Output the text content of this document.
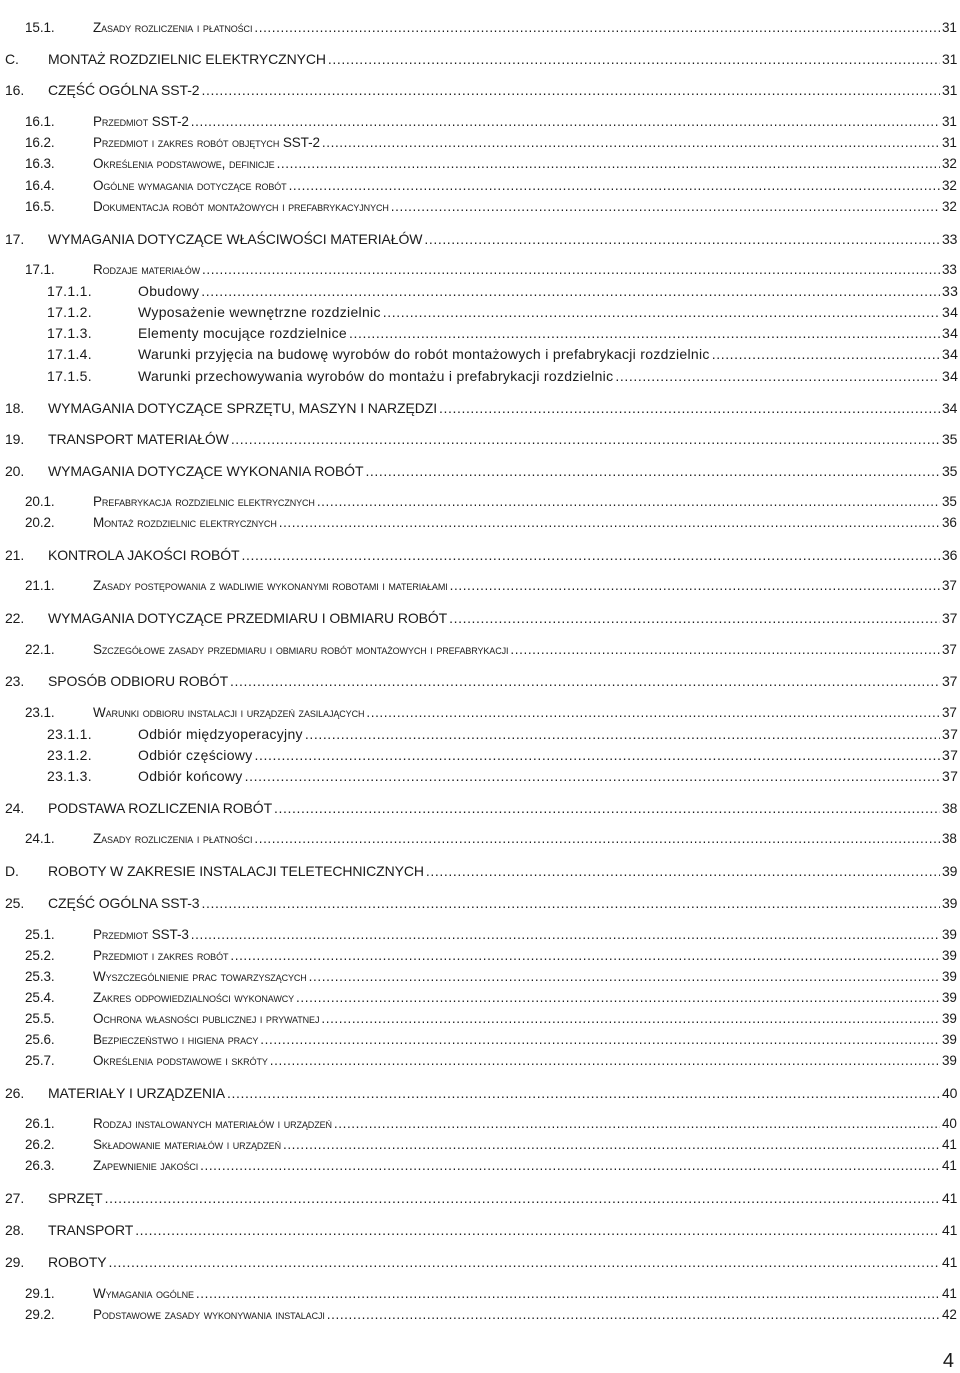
15.1.	Zasady rozliczenia i płatności .....	31
C. MONTAŻ ROZDZIELNIC ELEKTRYCZNYCH .....	31
16. CZĘŚĆ OGÓLNA SST-2 .....	31
16.1.	Przedmiot SST-2 .....	31
16.2.	Przedmiot i zakres robót objętych SST-2 .....	31
16.3.	Określenia podstawowe, definicje .....	32
16.4.	Ogólne wymagania dotyczące robót .....	32
16.5.	Dokumentacja robót montażowych i prefabrykacyjnych .....	32
17. WYMAGANIA DOTYCZĄCE WŁAŚCIWOŚCI MATERIAŁÓW .....	33
17.1.	Rodzaje materiałów .....	33
17.1.1.	Obudowy .....	33
17.1.2.	Wyposażenie wewnętrzne rozdzielnic .....	34
17.1.3.	Elementy mocujące rozdzielnice .....	34
17.1.4.	Warunki przyjęcia na budowę wyrobów do robót montażowych i prefabrykacji rozdzielnic .....	34
17.1.5.	Warunki przechowywania wyrobów do montażu i prefabrykacji rozdzielnic .....	34
18. WYMAGANIA DOTYCZĄCE SPRZĘTU, MASZYN I NARZĘDZI .....	34
19. TRANSPORT MATERIAŁÓW .....	35
20. WYMAGANIA DOTYCZĄCE WYKONANIA ROBÓT .....	35
20.1.	Prefabrykacja rozdzielnic elektrycznych .....	35
20.2.	Montaż rozdzielnic elektrycznych .....	36
21. KONTROLA JAKOŚCI ROBÓT .....	36
21.1.	Zasady postępowania z wadliwie wykonanymi robotami i materiałami .....	37
22. WYMAGANIA DOTYCZĄCE PRZEDMIARU I OBMIARU ROBÓT .....	37
22.1.	Szczegółowe zasady przedmiaru i obmiaru robót montażowych i prefabrykacji .....	37
23. SPOSÓB ODBIORU ROBÓT .....	37
23.1.	Warunki odbioru instalacji i urządzeń zasilających .....	37
23.1.1.	Odbiór międzyoperacyjny .....	37
23.1.2.	Odbiór częściowy .....	37
23.1.3.	Odbiór końcowy .....	37
24. PODSTAWA ROZLICZENIA ROBÓT .....	38
24.1.	Zasady rozliczenia i płatności .....	38
D. ROBOTY W ZAKRESIE INSTALACJI TELETECHNICZNYCH .....	39
25. CZĘŚĆ OGÓLNA SST-3 .....	39
25.1.	Przedmiot SST-3 .....	39
25.2.	Przedmiot i zakres robót .....	39
25.3.	Wyszczególnienie prac towarzyszących .....	39
25.4.	Zakres odpowiedzialności wykonawcy .....	39
25.5.	Ochrona własności publicznej i prywatnej .....	39
25.6.	Bezpieczeństwo i higiena pracy .....	39
25.7.	Określenia podstawowe i skróty .....	39
26. MATERIAŁY I URZĄDZENIA .....	40
26.1.	Rodzaj instalowanych materiałów i urządzeń .....	40
26.2.	Składowanie materiałów i urządzeń .....	41
26.3.	Zapewnienie jakości .....	41
27. SPRZĘT .....	41
28. TRANSPORT .....	41
29. ROBOTY .....	41
29.1.	Wymagania ogólne .....	41
29.2.	Podstawowe zasady wykonywania instalacji .....	42
4
